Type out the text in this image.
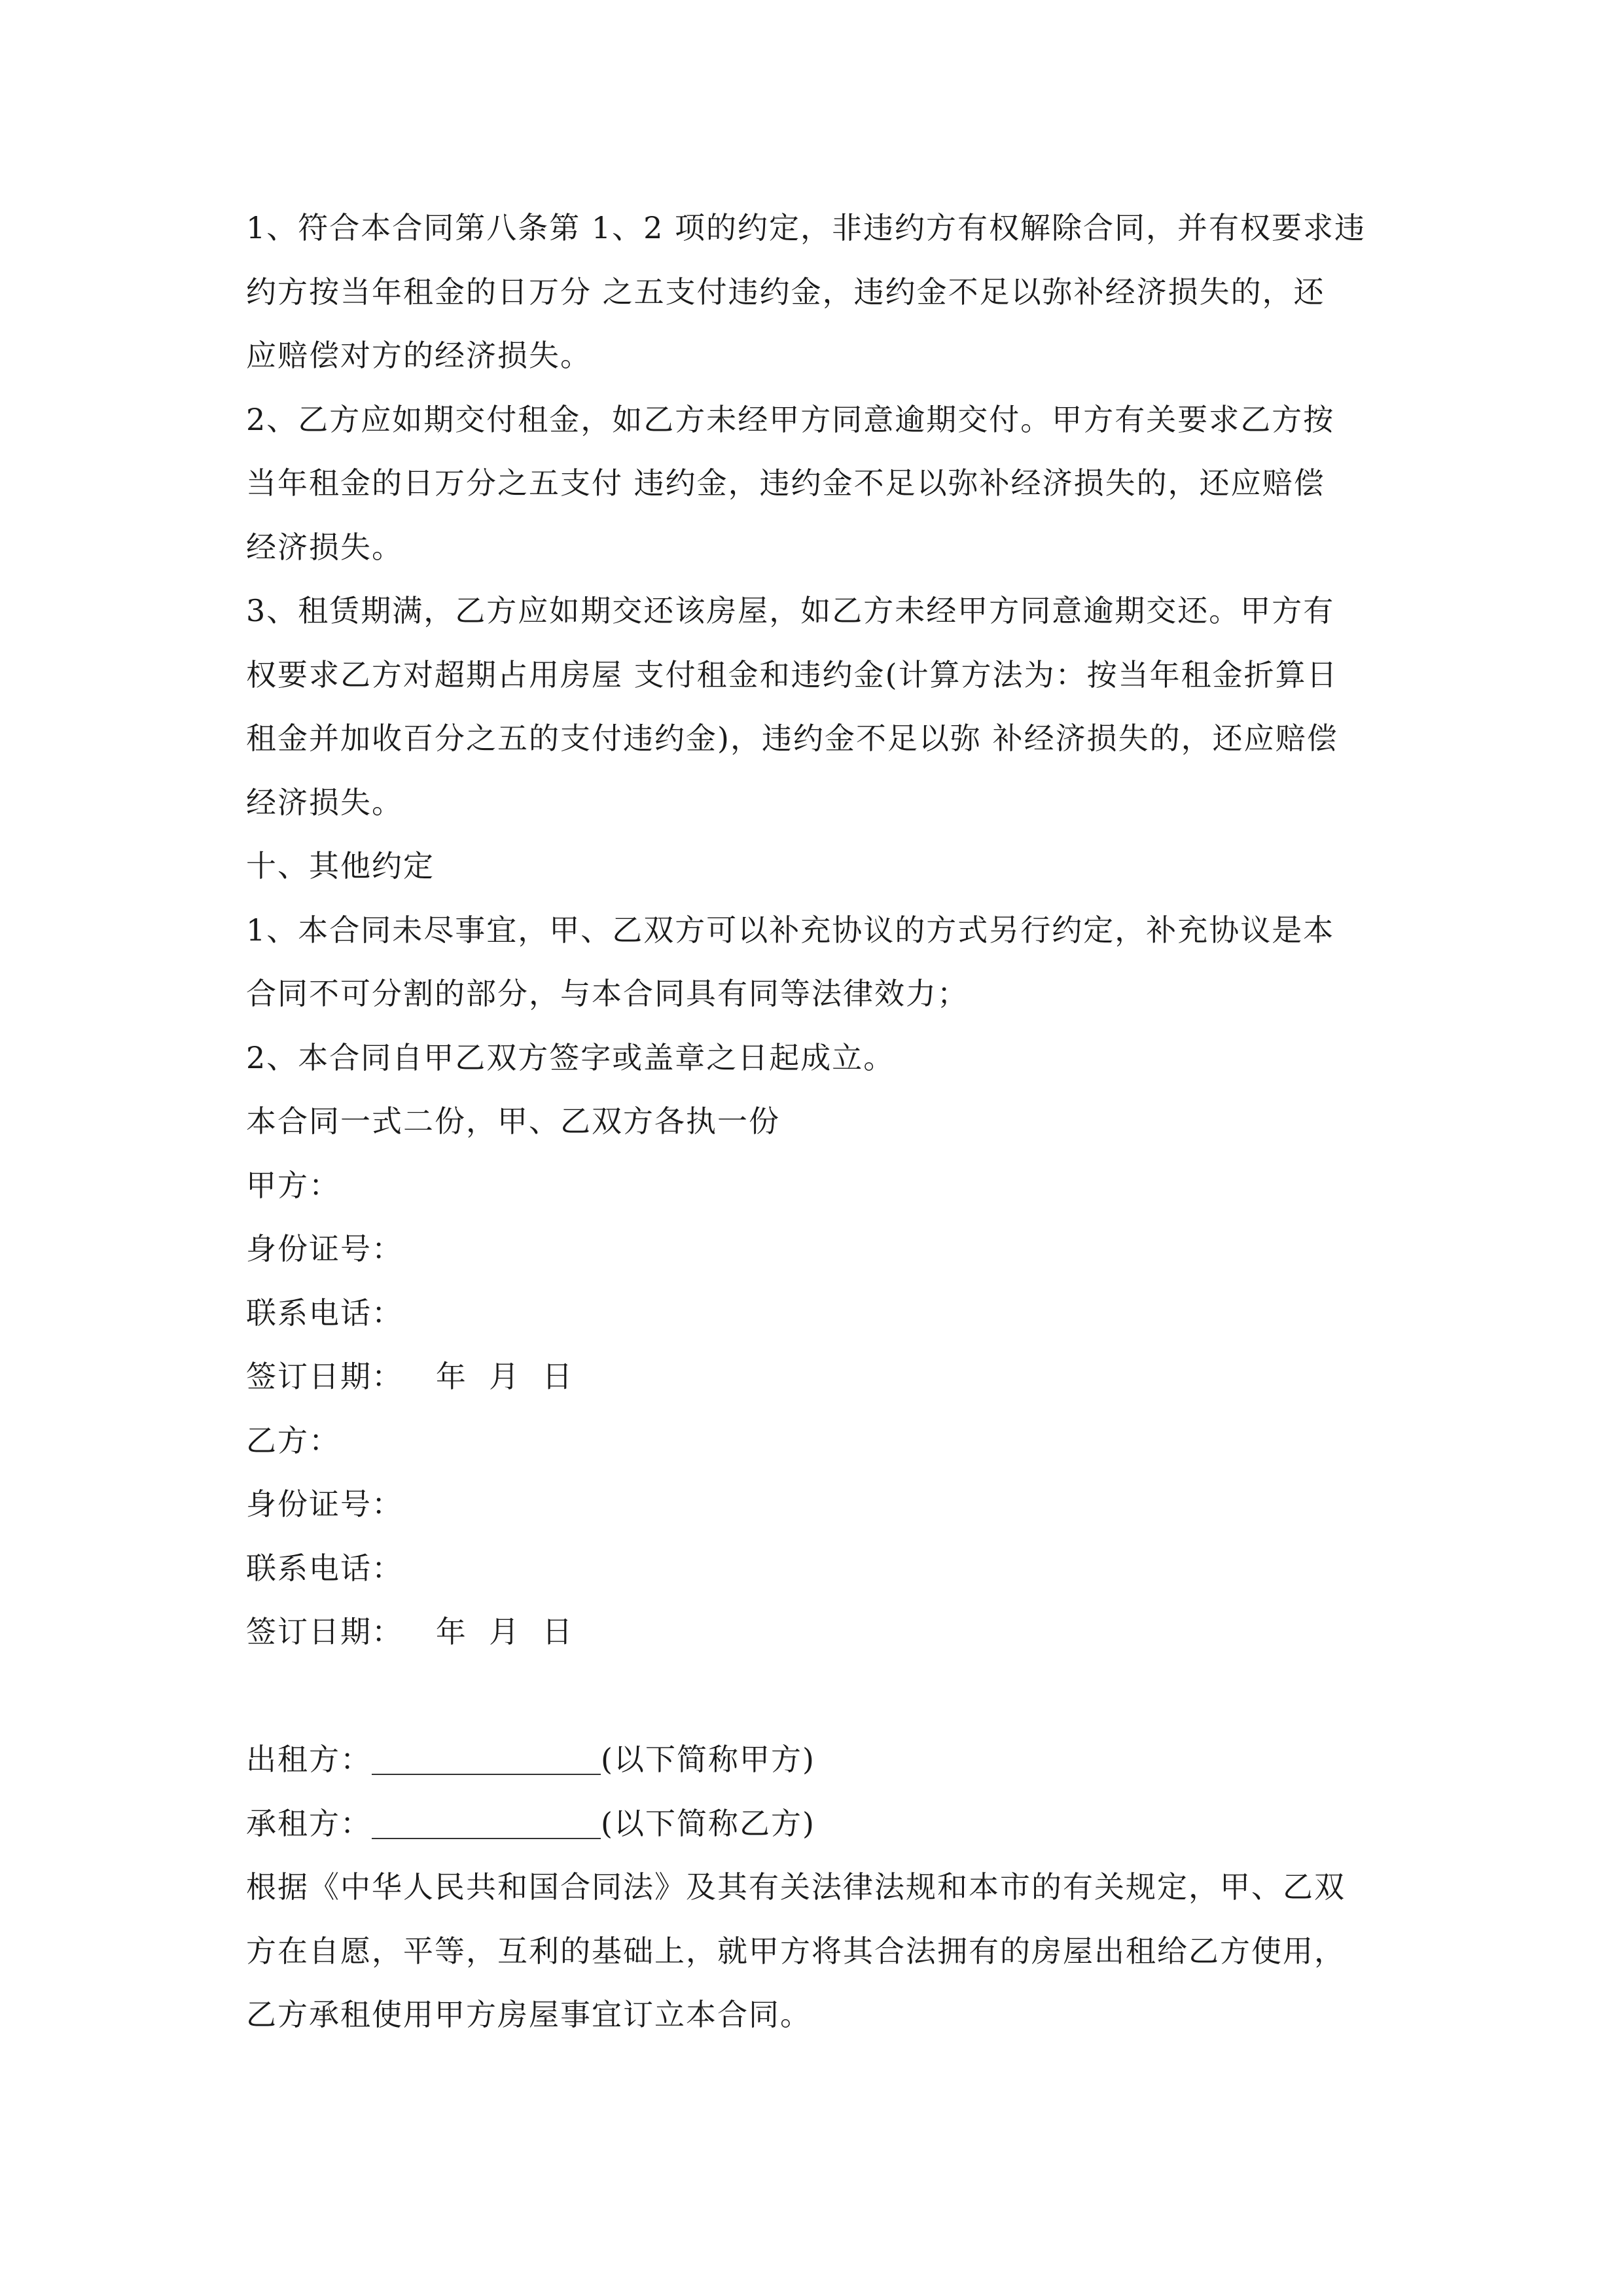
1、符合本合同第八条第 1、2 项的约定，非违约方有权解除合同，并有权要求违
约方按当年租金的日万分 之五支付违约金，违约金不足以弥补经济损失的，还
应赔偿对方的经济损失。
2、乙方应如期交付租金，如乙方未经甲方同意逾期交付。甲方有关要求乙方按
当年租金的日万分之五支付 违约金，违约金不足以弥补经济损失的，还应赔偿
经济损失。
3、租赁期满，乙方应如期交还该房屋，如乙方未经甲方同意逾期交还。甲方有
权要求乙方对超期占用房屋 支付租金和违约金(计算方法为：按当年租金折算日
租金并加收百分之五的支付违约金)，违约金不足以弥 补经济损失的，还应赔偿
经济损失。
十、其他约定
1、本合同未尽事宜，甲、乙双方可以补充协议的方式另行约定，补充协议是本
合同不可分割的部分，与本合同具有同等法律效力；
2、本合同自甲乙双方签字或盖章之日起成立。
本合同一式二份，甲、乙双方各执一份
甲方：
身份证号：
联系电话：
签订日期：   年  月  日
乙方：
身份证号：
联系电话：
签订日期：   年  月  日
出租方：	(以下简称甲方)
承租方：	(以下简称乙方)
根据《中华人民共和国合同法》及其有关法律法规和本市的有关规定，甲、乙双
方在自愿，平等，互利的基础上，就甲方将其合法拥有的房屋出租给乙方使用，
乙方承租使用甲方房屋事宜订立本合同。
